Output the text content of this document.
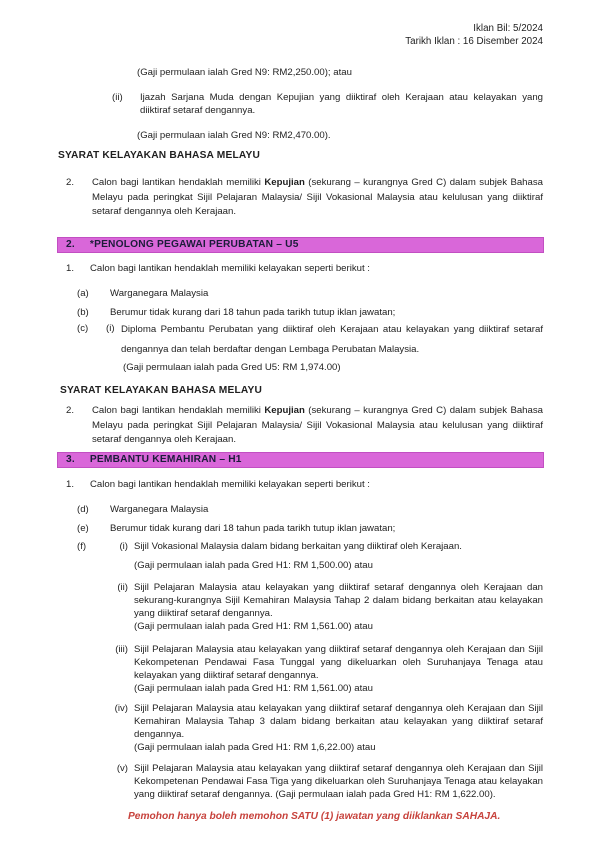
Iklan Bil: 5/2024
Tarikh Iklan : 16 Disember 2024
(Gaji permulaan ialah Gred N9: RM2,250.00); atau
(ii) Ijazah Sarjana Muda dengan Kepujian yang diiktiraf oleh Kerajaan atau kelayakan yang diiktiraf setaraf dengannya.
(Gaji permulaan ialah Gred N9: RM2,470.00).
SYARAT KELAYAKAN BAHASA MELAYU
2. Calon bagi lantikan hendaklah memiliki Kepujian (sekurang – kurangnya Gred C) dalam subjek Bahasa Melayu pada peringkat Sijil Pelajaran Malaysia/ Sijil Vokasional Malaysia atau kelulusan yang diiktiraf setaraf dengannya oleh Kerajaan.
2.	*PENOLONG PEGAWAI PERUBATAN – U5
1. Calon bagi lantikan hendaklah memiliki kelayakan seperti berikut :
(a) Warganegara Malaysia
(b) Berumur tidak kurang dari 18 tahun pada tarikh tutup iklan jawatan;
(c) (i) Diploma Pembantu Perubatan yang diiktiraf oleh Kerajaan atau kelayakan yang diiktiraf setaraf dengannya dan telah berdaftar dengan Lembaga Perubatan Malaysia.
(Gaji permulaan ialah pada Gred U5: RM 1,974.00)
SYARAT KELAYAKAN BAHASA MELAYU
2. Calon bagi lantikan hendaklah memiliki Kepujian (sekurang – kurangnya Gred C) dalam subjek Bahasa Melayu pada peringkat Sijil Pelajaran Malaysia/ Sijil Vokasional Malaysia atau kelulusan yang diiktiraf setaraf dengannya oleh Kerajaan.
3.	PEMBANTU KEMAHIRAN – H1
1. Calon bagi lantikan hendaklah memiliki kelayakan seperti berikut :
(d) Warganegara Malaysia
(e) Berumur tidak kurang dari 18 tahun pada tarikh tutup iklan jawatan;
(f)	(i) Sijil Vokasional Malaysia dalam bidang berkaitan yang diiktiraf oleh Kerajaan.
(Gaji permulaan ialah pada Gred H1: RM 1,500.00) atau
(ii) Sijil Pelajaran Malaysia atau kelayakan yang diiktiraf setaraf dengannya oleh Kerajaan dan sekurang-kurangnya Sijil Kemahiran Malaysia Tahap 2 dalam bidang berkaitan atau kelayakan yang diiktiraf setaraf dengannya.
(Gaji permulaan ialah pada Gred H1: RM 1,561.00) atau
(iii) Sijil Pelajaran Malaysia atau kelayakan yang diiktiraf setaraf dengannya oleh Kerajaan dan Sijil Kekompetenan Pendawai Fasa Tunggal yang dikeluarkan oleh Suruhanjaya Tenaga atau kelayakan yang diiktiraf setaraf dengannya.
(Gaji permulaan ialah pada Gred H1: RM 1,561.00) atau
(iv) Sijil Pelajaran Malaysia atau kelayakan yang diiktiraf setaraf dengannya oleh Kerajaan dan Sijil Kemahiran Malaysia Tahap 3 dalam bidang berkaitan atau kelayakan yang diiktiraf setaraf dengannya.
(Gaji permulaan ialah pada Gred H1: RM 1,6,22.00) atau
(v) Sijil Pelajaran Malaysia atau kelayakan yang diiktiraf setaraf dengannya oleh Kerajaan dan Sijil Kekompetenan Pendawai Fasa Tiga yang dikeluarkan oleh Suruhanjaya Tenaga atau kelayakan yang diiktiraf setaraf dengannya. (Gaji permulaan ialah pada Gred H1: RM 1,622.00).
Pemohon hanya boleh memohon SATU (1) jawatan yang diiklankan SAHAJA.
